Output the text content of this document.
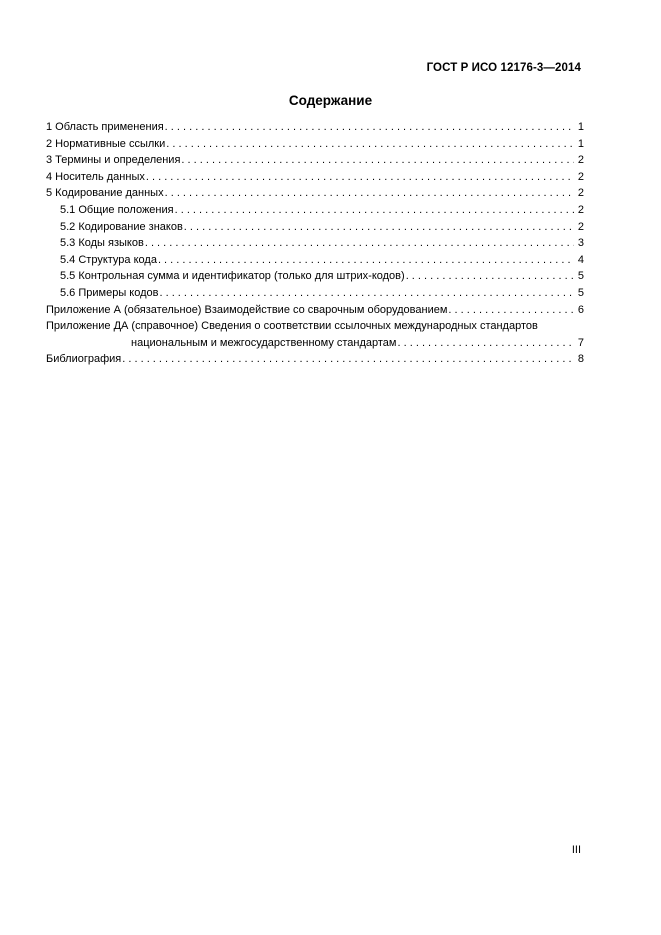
ГОСТ Р ИСО 12176-3—2014
Содержание
1 Область применения . . .	1
2 Нормативные ссылки . . .	1
3 Термины и определения . . .	2
4 Носитель данных . . .	2
5 Кодирование данных . . .	2
5.1 Общие положения . . .	2
5.2 Кодирование знаков . . .	2
5.3 Коды языков . . .	3
5.4 Структура кода . . .	4
5.5 Контрольная сумма и идентификатор (только для штрих-кодов) . . .	5
5.6 Примеры кодов . . .	5
Приложение А (обязательное) Взаимодействие со сварочным оборудованием . . .	6
Приложение ДА (справочное) Сведения о соответствии ссылочных международных стандартов
национальным и межгосударственному стандартам . . .	7
Библиография . . .	8
III
